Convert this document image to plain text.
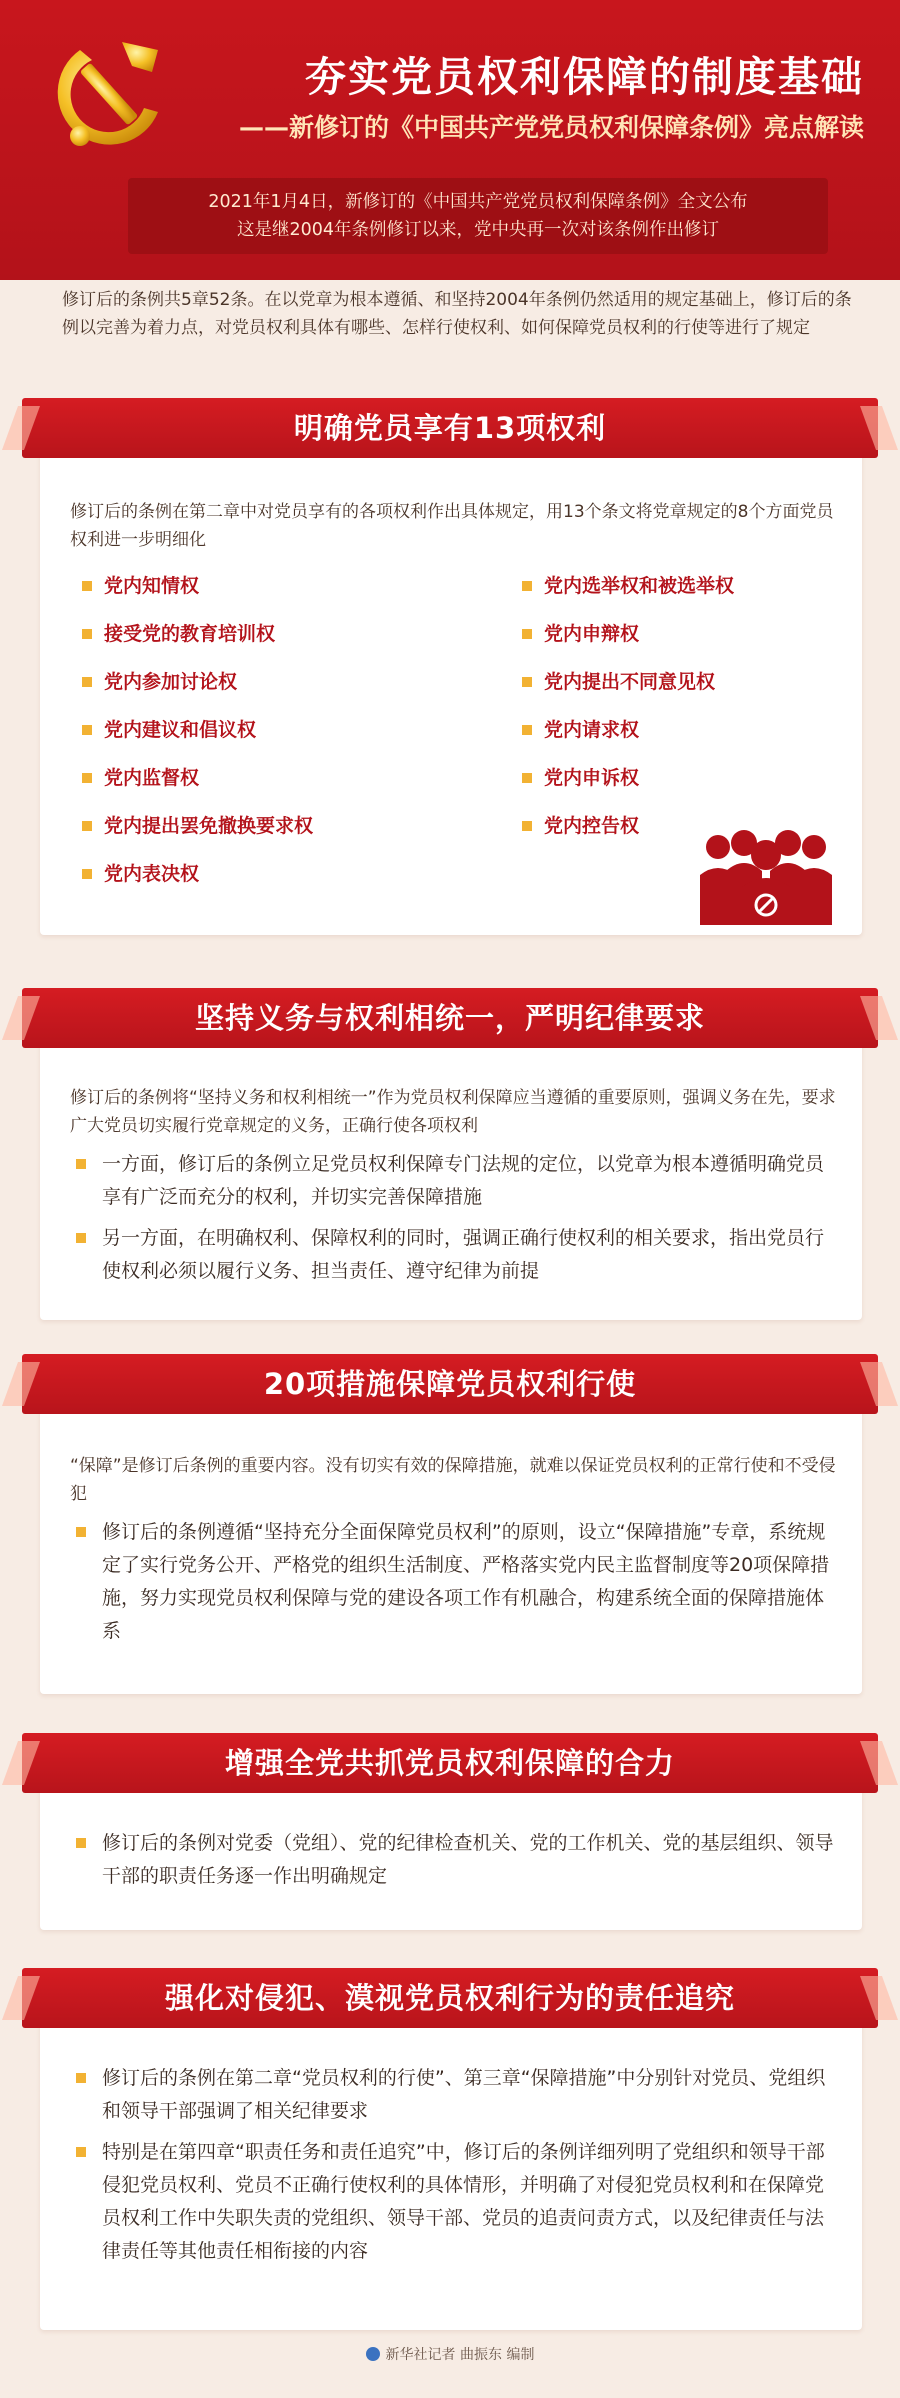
夯实党员权利保障的制度基础
——新修订的《中国共产党党员权利保障条例》亮点解读
2021年1月4日，新修订的《中国共产党党员权利保障条例》全文公布
这是继2004年条例修订以来，党中央再一次对该条例作出修订
修订后的条例共5章52条。在以党章为根本遵循、和坚持2004年条例仍然适用的规定基础上，修订后的条例以完善为着力点，对党员权利具体有哪些、怎样行使权利、如何保障党员权利的行使等进行了规定
修订后的条例在第二章中对党员享有的各项权利作出具体规定，用13个条文将党章规定的8个方面党员权利进一步明细化
党内知情权
接受党的教育培训权
党内参加讨论权
党内建议和倡议权
党内监督权
党内提出罢免撤换要求权
党内表决权
党内选举权和被选举权
党内申辩权
党内提出不同意见权
党内请求权
党内申诉权
党内控告权
明确党员享有13项权利
修订后的条例将“坚持义务和权利相统一”作为党员权利保障应当遵循的重要原则，强调义务在先，要求广大党员切实履行党章规定的义务，正确行使各项权利
一方面，修订后的条例立足党员权利保障专门法规的定位，以党章为根本遵循明确党员享有广泛而充分的权利，并切实完善保障措施
另一方面，在明确权利、保障权利的同时，强调正确行使权利的相关要求，指出党员行使权利必须以履行义务、担当责任、遵守纪律为前提
坚持义务与权利相统一，严明纪律要求
“保障”是修订后条例的重要内容。没有切实有效的保障措施，就难以保证党员权利的正常行使和不受侵犯
修订后的条例遵循“坚持充分全面保障党员权利”的原则，设立“保障措施”专章，系统规定了实行党务公开、严格党的组织生活制度、严格落实党内民主监督制度等20项保障措施，努力实现党员权利保障与党的建设各项工作有机融合，构建系统全面的保障措施体系
20项措施保障党员权利行使
修订后的条例对党委（党组）、党的纪律检查机关、党的工作机关、党的基层组织、领导干部的职责任务逐一作出明确规定
增强全党共抓党员权利保障的合力
修订后的条例在第二章“党员权利的行使”、第三章“保障措施”中分别针对党员、党组织和领导干部强调了相关纪律要求
特别是在第四章“职责任务和责任追究”中，修订后的条例详细列明了党组织和领导干部侵犯党员权利、党员不正确行使权利的具体情形，并明确了对侵犯党员权利和在保障党员权利工作中失职失责的党组织、领导干部、党员的追责问责方式，以及纪律责任与法律责任等其他责任相衔接的内容
强化对侵犯、漠视党员权利行为的责任追究
新华社记者 曲振东 编制
